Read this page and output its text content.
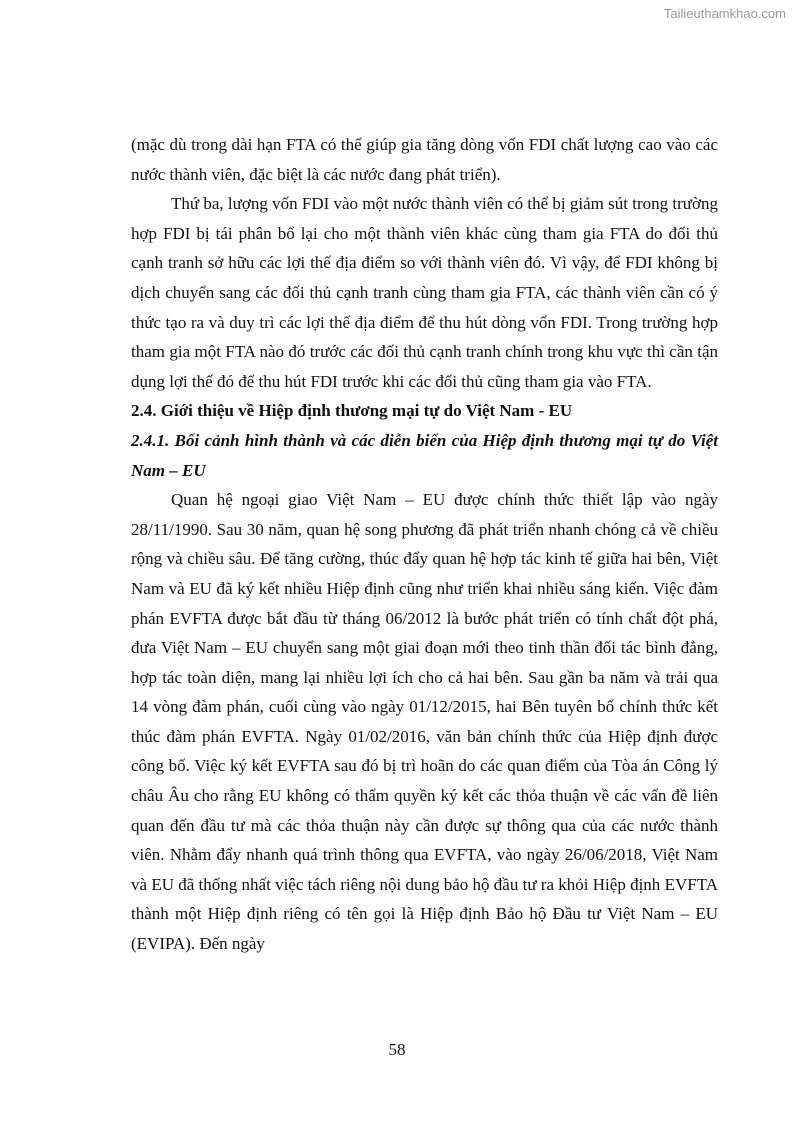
Tailieuthamkhao.com

(mặc dù trong dài hạn FTA có thể giúp gia tăng dòng vốn FDI chất lượng cao vào các nước thành viên, đặc biệt là các nước đang phát triển).

Thứ ba, lượng vốn FDI vào một nước thành viên có thể bị giảm sút trong trường hợp FDI bị tái phân bổ lại cho một thành viên khác cùng tham gia FTA do đối thủ cạnh tranh sở hữu các lợi thế địa điểm so với thành viên đó. Vì vậy, để FDI không bị dịch chuyển sang các đối thủ cạnh tranh cùng tham gia FTA, các thành viên cần có ý thức tạo ra và duy trì các lợi thế địa điểm để thu hút dòng vốn FDI. Trong trường hợp tham gia một FTA nào đó trước các đối thủ cạnh tranh chính trong khu vực thì cần tận dụng lợi thế đó để thu hút FDI trước khi các đối thủ cũng tham gia vào FTA.

2.4. Giới thiệu về Hiệp định thương mại tự do Việt Nam - EU
2.4.1. Bối cảnh hình thành và các diễn biến của Hiệp định thương mại tự do Việt Nam – EU

Quan hệ ngoại giao Việt Nam – EU được chính thức thiết lập vào ngày 28/11/1990. Sau 30 năm, quan hệ song phương đã phát triển nhanh chóng cả về chiều rộng và chiều sâu. Để tăng cường, thúc đẩy quan hệ hợp tác kinh tế giữa hai bên, Việt Nam và EU đã ký kết nhiều Hiệp định cũng như triển khai nhiều sáng kiến. Việc đàm phán EVFTA được bắt đầu từ tháng 06/2012 là bước phát triển có tính chất đột phá, đưa Việt Nam – EU chuyển sang một giai đoạn mới theo tinh thần đối tác bình đẳng, hợp tác toàn diện, mang lại nhiều lợi ích cho cả hai bên. Sau gần ba năm và trải qua 14 vòng đàm phán, cuối cùng vào ngày 01/12/2015, hai Bên tuyên bố chính thức kết thúc đàm phán EVFTA. Ngày 01/02/2016, văn bản chính thức của Hiệp định được công bố. Việc ký kết EVFTA sau đó bị trì hoãn do các quan điểm của Tòa án Công lý châu Âu cho rằng EU không có thẩm quyền ký kết các thỏa thuận về các vấn đề liên quan đến đầu tư mà các thỏa thuận này cần được sự thông qua của các nước thành viên. Nhằm đẩy nhanh quá trình thông qua EVFTA, vào ngày 26/06/2018, Việt Nam và EU đã thống nhất việc tách riêng nội dung bảo hộ đầu tư ra khỏi Hiệp định EVFTA thành một Hiệp định riêng có tên gọi là Hiệp định Bảo hộ Đầu tư Việt Nam – EU (EVIPA). Đến ngày

58
